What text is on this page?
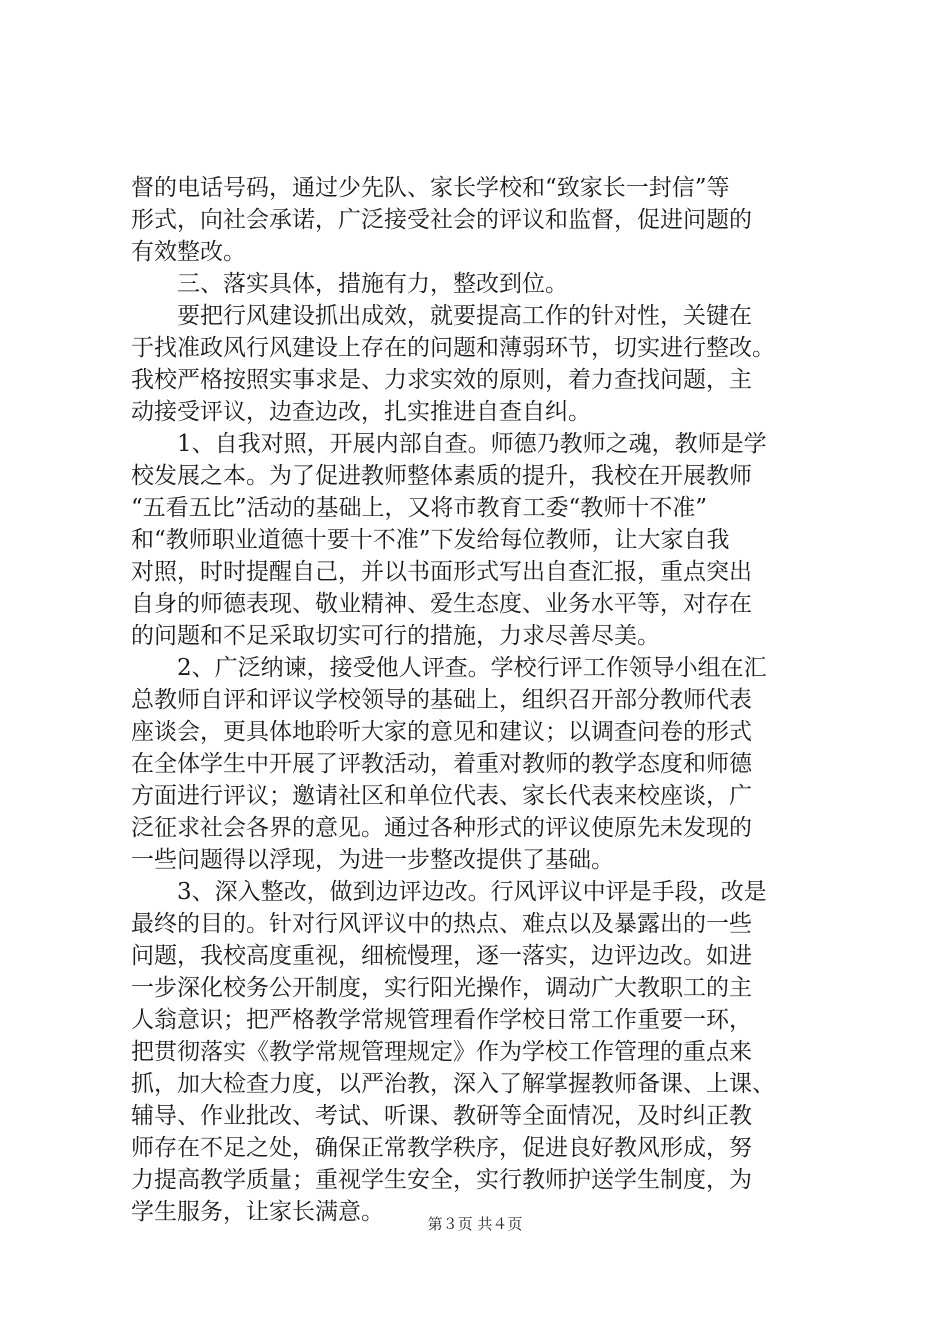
督的电话号码，通过少先队、家长学校和“致家长一封信”等
形式，向社会承诺，广泛接受社会的评议和监督，促进问题的
有效整改。
　　三、落实具体，措施有力，整改到位。
　　要把行风建设抓出成效，就要提高工作的针对性，关键在
于找准政风行风建设上存在的问题和薄弱环节，切实进行整改。
我校严格按照实事求是、力求实效的原则，着力查找问题，主
动接受评议，边查边改，扎实推进自查自纠。
　　1、自我对照，开展内部自查。师德乃教师之魂，教师是学
校发展之本。为了促进教师整体素质的提升，我校在开展教师
“五看五比”活动的基础上，又将市教育工委“教师十不准”
和“教师职业道德十要十不准”下发给每位教师，让大家自我
对照，时时提醒自己，并以书面形式写出自查汇报，重点突出
自身的师德表现、敬业精神、爱生态度、业务水平等，对存在
的问题和不足采取切实可行的措施，力求尽善尽美。
　　2、广泛纳谏，接受他人评查。学校行评工作领导小组在汇
总教师自评和评议学校领导的基础上，组织召开部分教师代表
座谈会，更具体地聆听大家的意见和建议；以调查问卷的形式
在全体学生中开展了评教活动，着重对教师的教学态度和师德
方面进行评议；邀请社区和单位代表、家长代表来校座谈，广
泛征求社会各界的意见。通过各种形式的评议使原先未发现的
一些问题得以浮现，为进一步整改提供了基础。
　　3、深入整改，做到边评边改。行风评议中评是手段，改是
最终的目的。针对行风评议中的热点、难点以及暴露出的一些
问题，我校高度重视，细梳慢理，逐一落实，边评边改。如进
一步深化校务公开制度，实行阳光操作，调动广大教职工的主
人翁意识；把严格教学常规管理看作学校日常工作重要一环，
把贯彻落实《教学常规管理规定》作为学校工作管理的重点来
抓，加大检查力度，以严治教，深入了解掌握教师备课、上课、
辅导、作业批改、考试、听课、教研等全面情况，及时纠正教
师存在不足之处，确保正常教学秩序，促进良好教风形成，努
力提高教学质量；重视学生安全，实行教师护送学生制度，为
学生服务，让家长满意。	第３页 共４页
